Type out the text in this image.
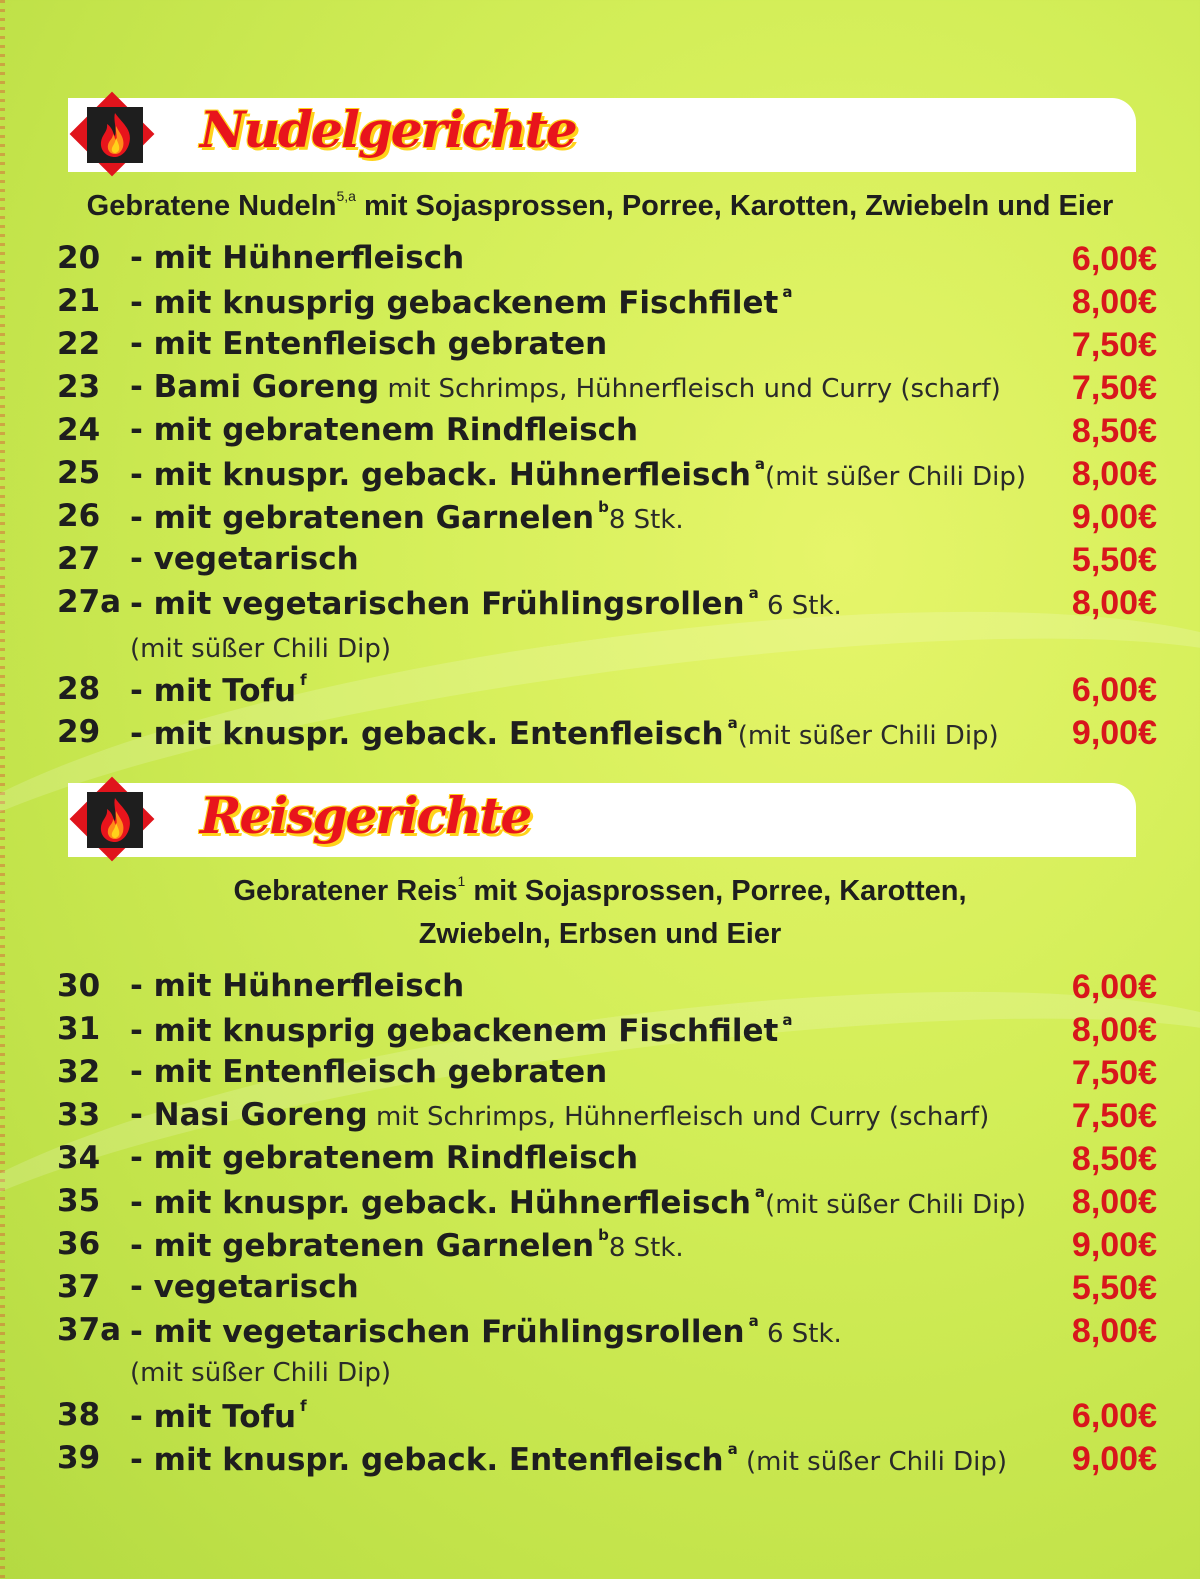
Nudelgerichte
Gebratene Nudeln$^{5,a}$ mit Sojasprossen, Porree, Karotten, Zwiebeln und Eier
20 - mit Hühnerfleisch	6,00€
21 - mit knusprig gebackenem Fischfilet $^a$	8,00€
22 - mit Entenfleisch gebraten	7,50€
23 - Bami Goreng mit Schrimps, Hühnerfleisch und Curry (scharf) 7,50€
24 - mit gebratenem Rindfleisch	8,50€
25 - mit knuspr. geback. Hühnerfleisch $^a$(mit süßer Chili Dip) 8,00€
26 - mit gebratenen Garnelen $^b$8 Stk.	9,00€
27 - vegetarisch	5,50€
27a - mit vegetarischen Frühlingsrollen $^a$ 6 Stk.	8,00€
(mit süßer Chili Dip)
28 - mit Tofu $^f$	6,00€
29 - mit knuspr. geback. Entenfleisch $^a$(mit süßer Chili Dip) 9,00€
Reisgerichte
Gebratener Reis$^1$ mit Sojasprossen, Porree, Karotten,
Zwiebeln, Erbsen und Eier
30 - mit Hühnerfleisch	6,00€
31 - mit knusprig gebackenem Fischfilet $^a$	8,00€
32 - mit Entenfleisch gebraten	7,50€
33 - Nasi Goreng mit Schrimps, Hühnerfleisch und Curry (scharf) 7,50€
34 - mit gebratenem Rindfleisch	8,50€
35 - mit knuspr. geback. Hühnerfleisch $^a$(mit süßer Chili Dip) 8,00€
36 - mit gebratenen Garnelen $^b$8 Stk.	9,00€
37 - vegetarisch	5,50€
37a - mit vegetarischen Frühlingsrollen $^a$ 6 Stk.	8,00€
(mit süßer Chili Dip)
38 - mit Tofu $^f$	6,00€
39 - mit knuspr. geback. Entenfleisch $^a$ (mit süßer Chili Dip) 9,00€
